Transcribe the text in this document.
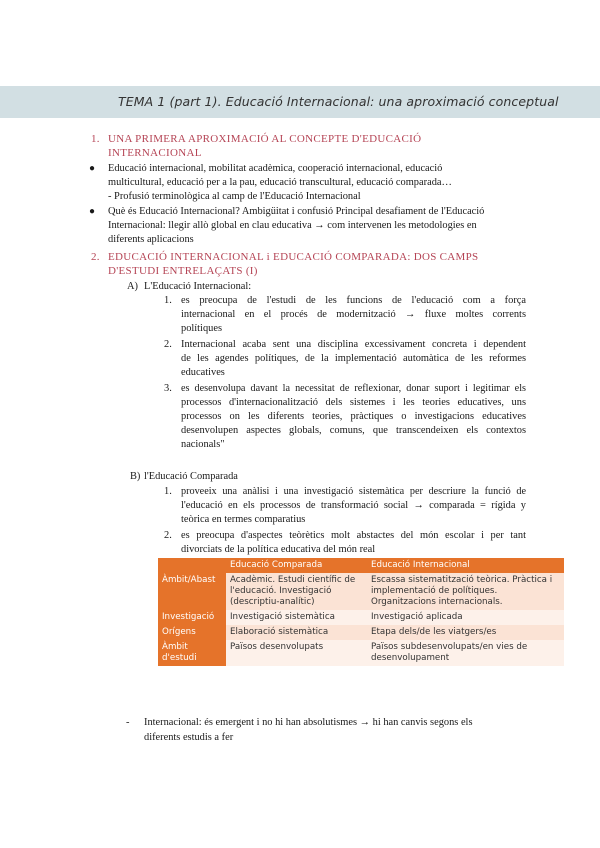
TEMA 1 (part 1). Educació Internacional: una aproximació conceptual
1. UNA PRIMERA APROXIMACIÓ AL CONCEPTE D'EDUCACIÓ
INTERNACIONAL
● Educació internacional, mobilitat acadèmica, cooperació internacional, educació
multicultural, educació per a la pau, educació transcultural, educació comparada…
- Profusió terminològica al camp de l'Educació Internacional
● Què és Educació Internacional? Ambigüitat i confusió Principal desafiament de l'Educació
Internacional: llegir allò global en clau educativa → com intervenen les metodologies en
diferents aplicacions
2. EDUCACIÓ INTERNACIONAL i EDUCACIÓ COMPARADA: DOS CAMPS
D'ESTUDI ENTRELAÇATS (I)
A) L'Educació Internacional:
1. es preocupa de l'estudi de les funcions de l'educació com a força
internacional en el procés de modernització → fluxe moltes corrents
polítiques
2. Internacional acaba sent una disciplina excessivament concreta i dependent
de les agendes polítiques, de la implementació automàtica de les reformes
educatives
3. es desenvolupa davant la necessitat de reflexionar, donar suport i legitimar els
processos d'internacionalització dels sistemes i les teories educatives, uns
processos on les diferents teories, pràctiques o investigacions educatives
desenvolupen aspectes globals, comuns, que transcendeixen els contextos
nacionals"
B) l'Educació Comparada
1. proveeix una anàlisi i una investigació sistemàtica per descriure la funció de
l'educació en els processos de transformació social → comparada = rígida y
teòrica en termes comparatius
2. es preocupa d'aspectes teòrètics molt abstactes del món escolar i per tant
divorciats de la política educativa del món real
	Educació Comparada	Educació Internacional
Àmbit/Abast	Acadèmic. Estudi científic de l'educació. Investigació (descriptiu-analític)	Escassa sistematització teòrica. Pràctica i implementació de polítiques. Organitzacions internacionals.
Investigació	Investigació sistemàtica	Investigació aplicada
Orígens	Elaboració sistemàtica	Etapa dels/de les viatgers/es
Àmbit d'estudi	Països desenvolupats	Països subdesenvolupats/en vies de desenvolupament
- Internacional: és emergent i no hi han absolutismes → hi han canvis segons els
diferents estudis a fer
